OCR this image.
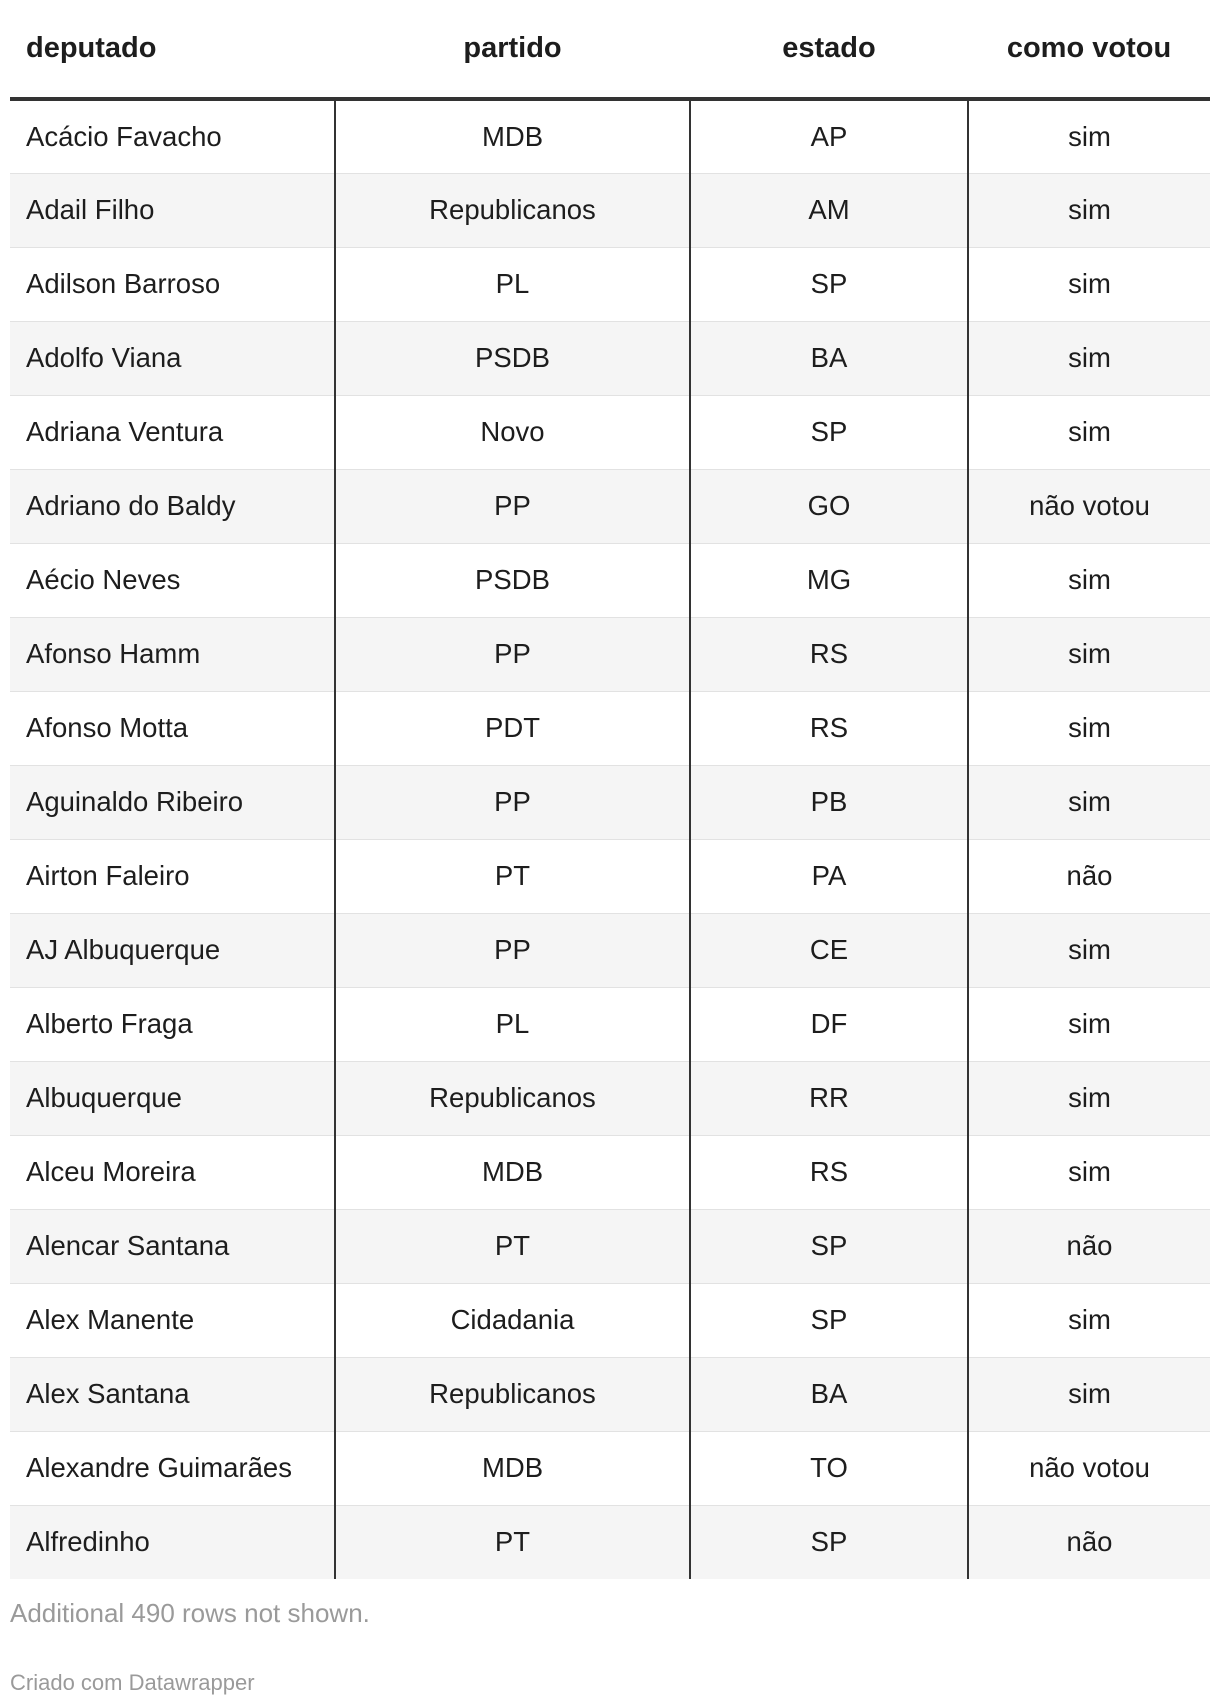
deputado	partido	estado	como votou
Acácio Favacho	MDB	AP	sim
Adail Filho	Republicanos	AM	sim
Adilson Barroso	PL	SP	sim
Adolfo Viana	PSDB	BA	sim
Adriana Ventura	Novo	SP	sim
Adriano do Baldy	PP	GO	não votou
Aécio Neves	PSDB	MG	sim
Afonso Hamm	PP	RS	sim
Afonso Motta	PDT	RS	sim
Aguinaldo Ribeiro	PP	PB	sim
Airton Faleiro	PT	PA	não
AJ Albuquerque	PP	CE	sim
Alberto Fraga	PL	DF	sim
Albuquerque	Republicanos	RR	sim
Alceu Moreira	MDB	RS	sim
Alencar Santana	PT	SP	não
Alex Manente	Cidadania	SP	sim
Alex Santana	Republicanos	BA	sim
Alexandre Guimarães	MDB	TO	não votou
Alfredinho	PT	SP	não
Additional 490 rows not shown.
Criado com Datawrapper
